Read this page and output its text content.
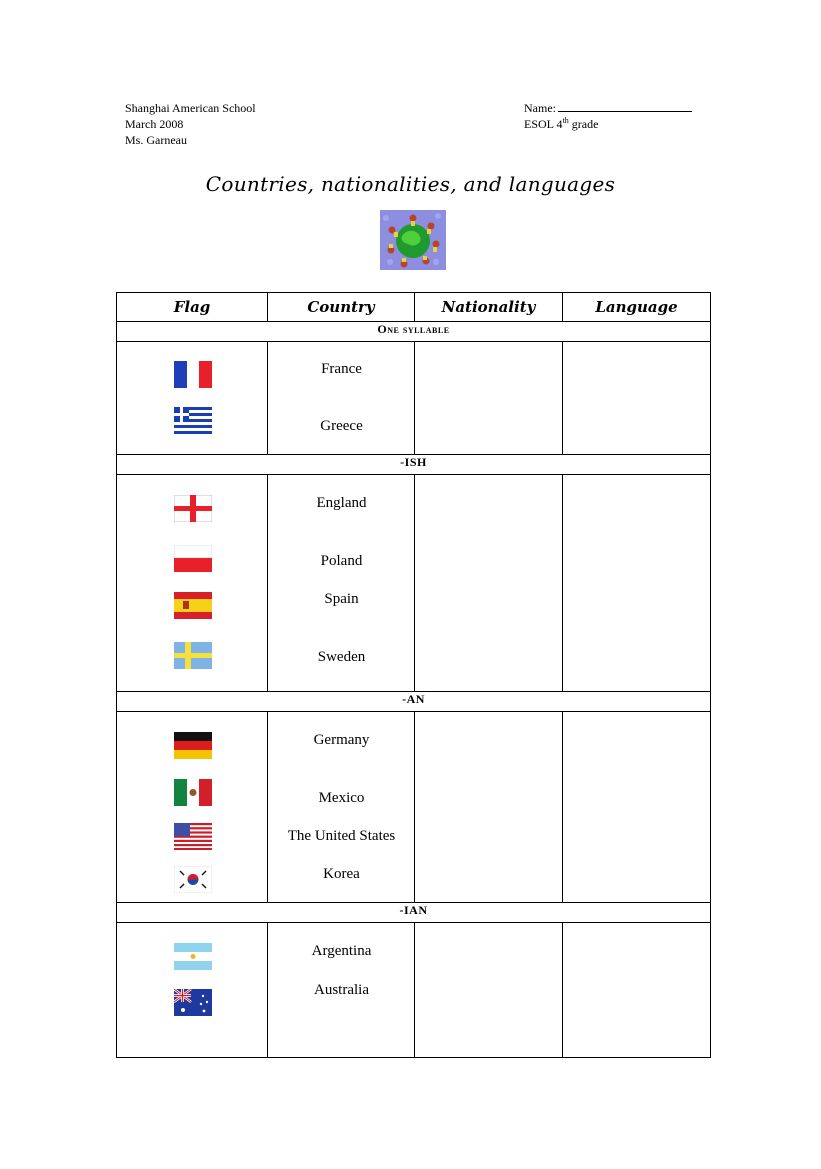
Shanghai American School
March 2008
Ms. Garneau
Name:
ESOL 4th grade
Countries, nationalities, and languages
Flag	Country	Nationality	Language
One syllable			

France
Greece		

-ISH			

England
Poland
Spain
Sweden		

-AN			

Germany
Mexico
The United States
Korea		

-IAN			

Argentina
Australia		
